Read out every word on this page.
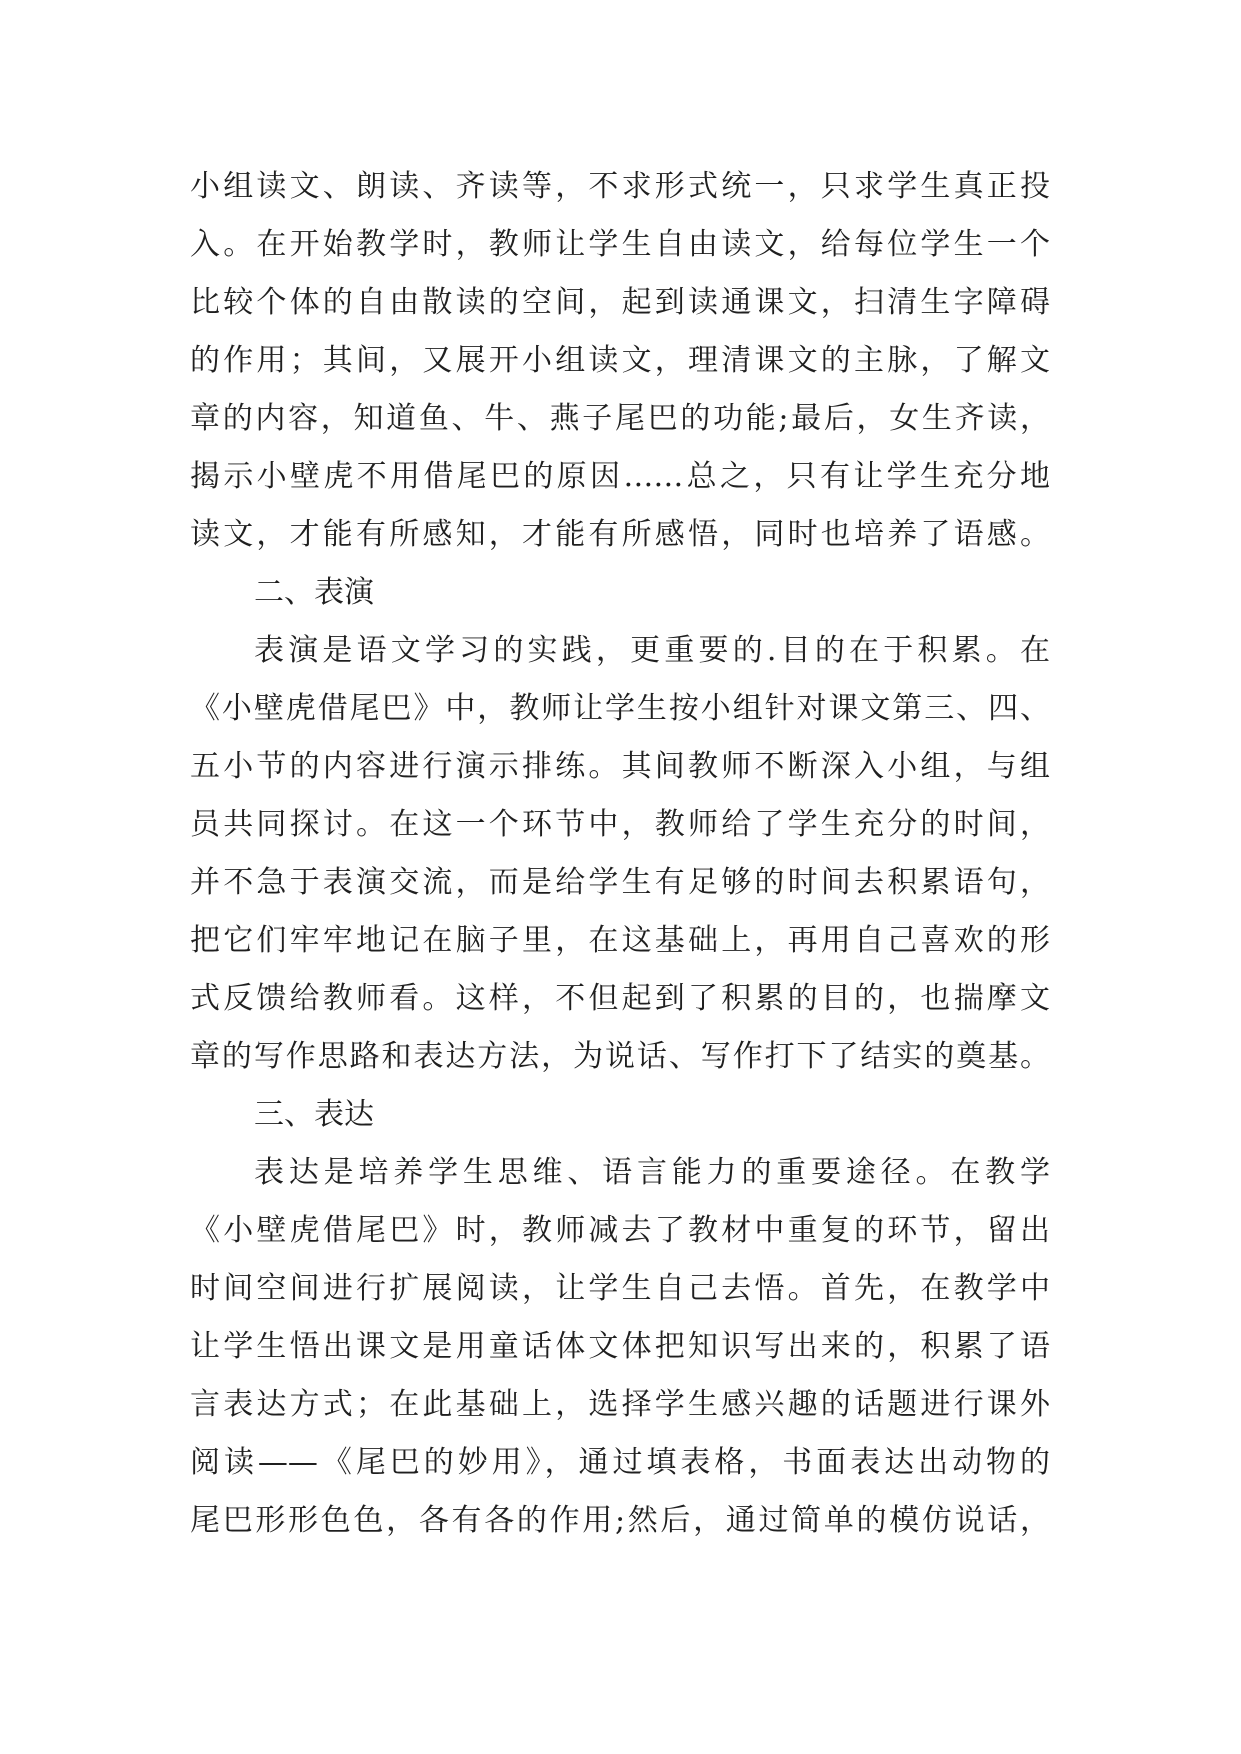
小组读文、朗读、齐读等，不求形式统一，只求学生真正投
入。在开始教学时，教师让学生自由读文，给每位学生一个
比较个体的自由散读的空间，起到读通课文，扫清生字障碍
的作用；其间，又展开小组读文，理清课文的主脉，了解文
章的内容，知道鱼、牛、燕子尾巴的功能;最后，女生齐读，
揭示小壁虎不用借尾巴的原因……总之，只有让学生充分地
读文，才能有所感知，才能有所感悟，同时也培养了语感。
二、表演
表演是语文学习的实践，更重要的.目的在于积累。在
《小壁虎借尾巴》中，教师让学生按小组针对课文第三、四、
五小节的内容进行演示排练。其间教师不断深入小组，与组
员共同探讨。在这一个环节中，教师给了学生充分的时间，
并不急于表演交流，而是给学生有足够的时间去积累语句，
把它们牢牢地记在脑子里，在这基础上，再用自己喜欢的形
式反馈给教师看。这样，不但起到了积累的目的，也揣摩文
章的写作思路和表达方法，为说话、写作打下了结实的奠基。
三、表达
表达是培养学生思维、语言能力的重要途径。在教学
《小壁虎借尾巴》时，教师减去了教材中重复的环节，留出
时间空间进行扩展阅读，让学生自己去悟。首先，在教学中
让学生悟出课文是用童话体文体把知识写出来的，积累了语
言表达方式；在此基础上，选择学生感兴趣的话题进行课外
阅读——《尾巴的妙用》，通过填表格，书面表达出动物的
尾巴形形色色，各有各的作用;然后，通过简单的模仿说话，
